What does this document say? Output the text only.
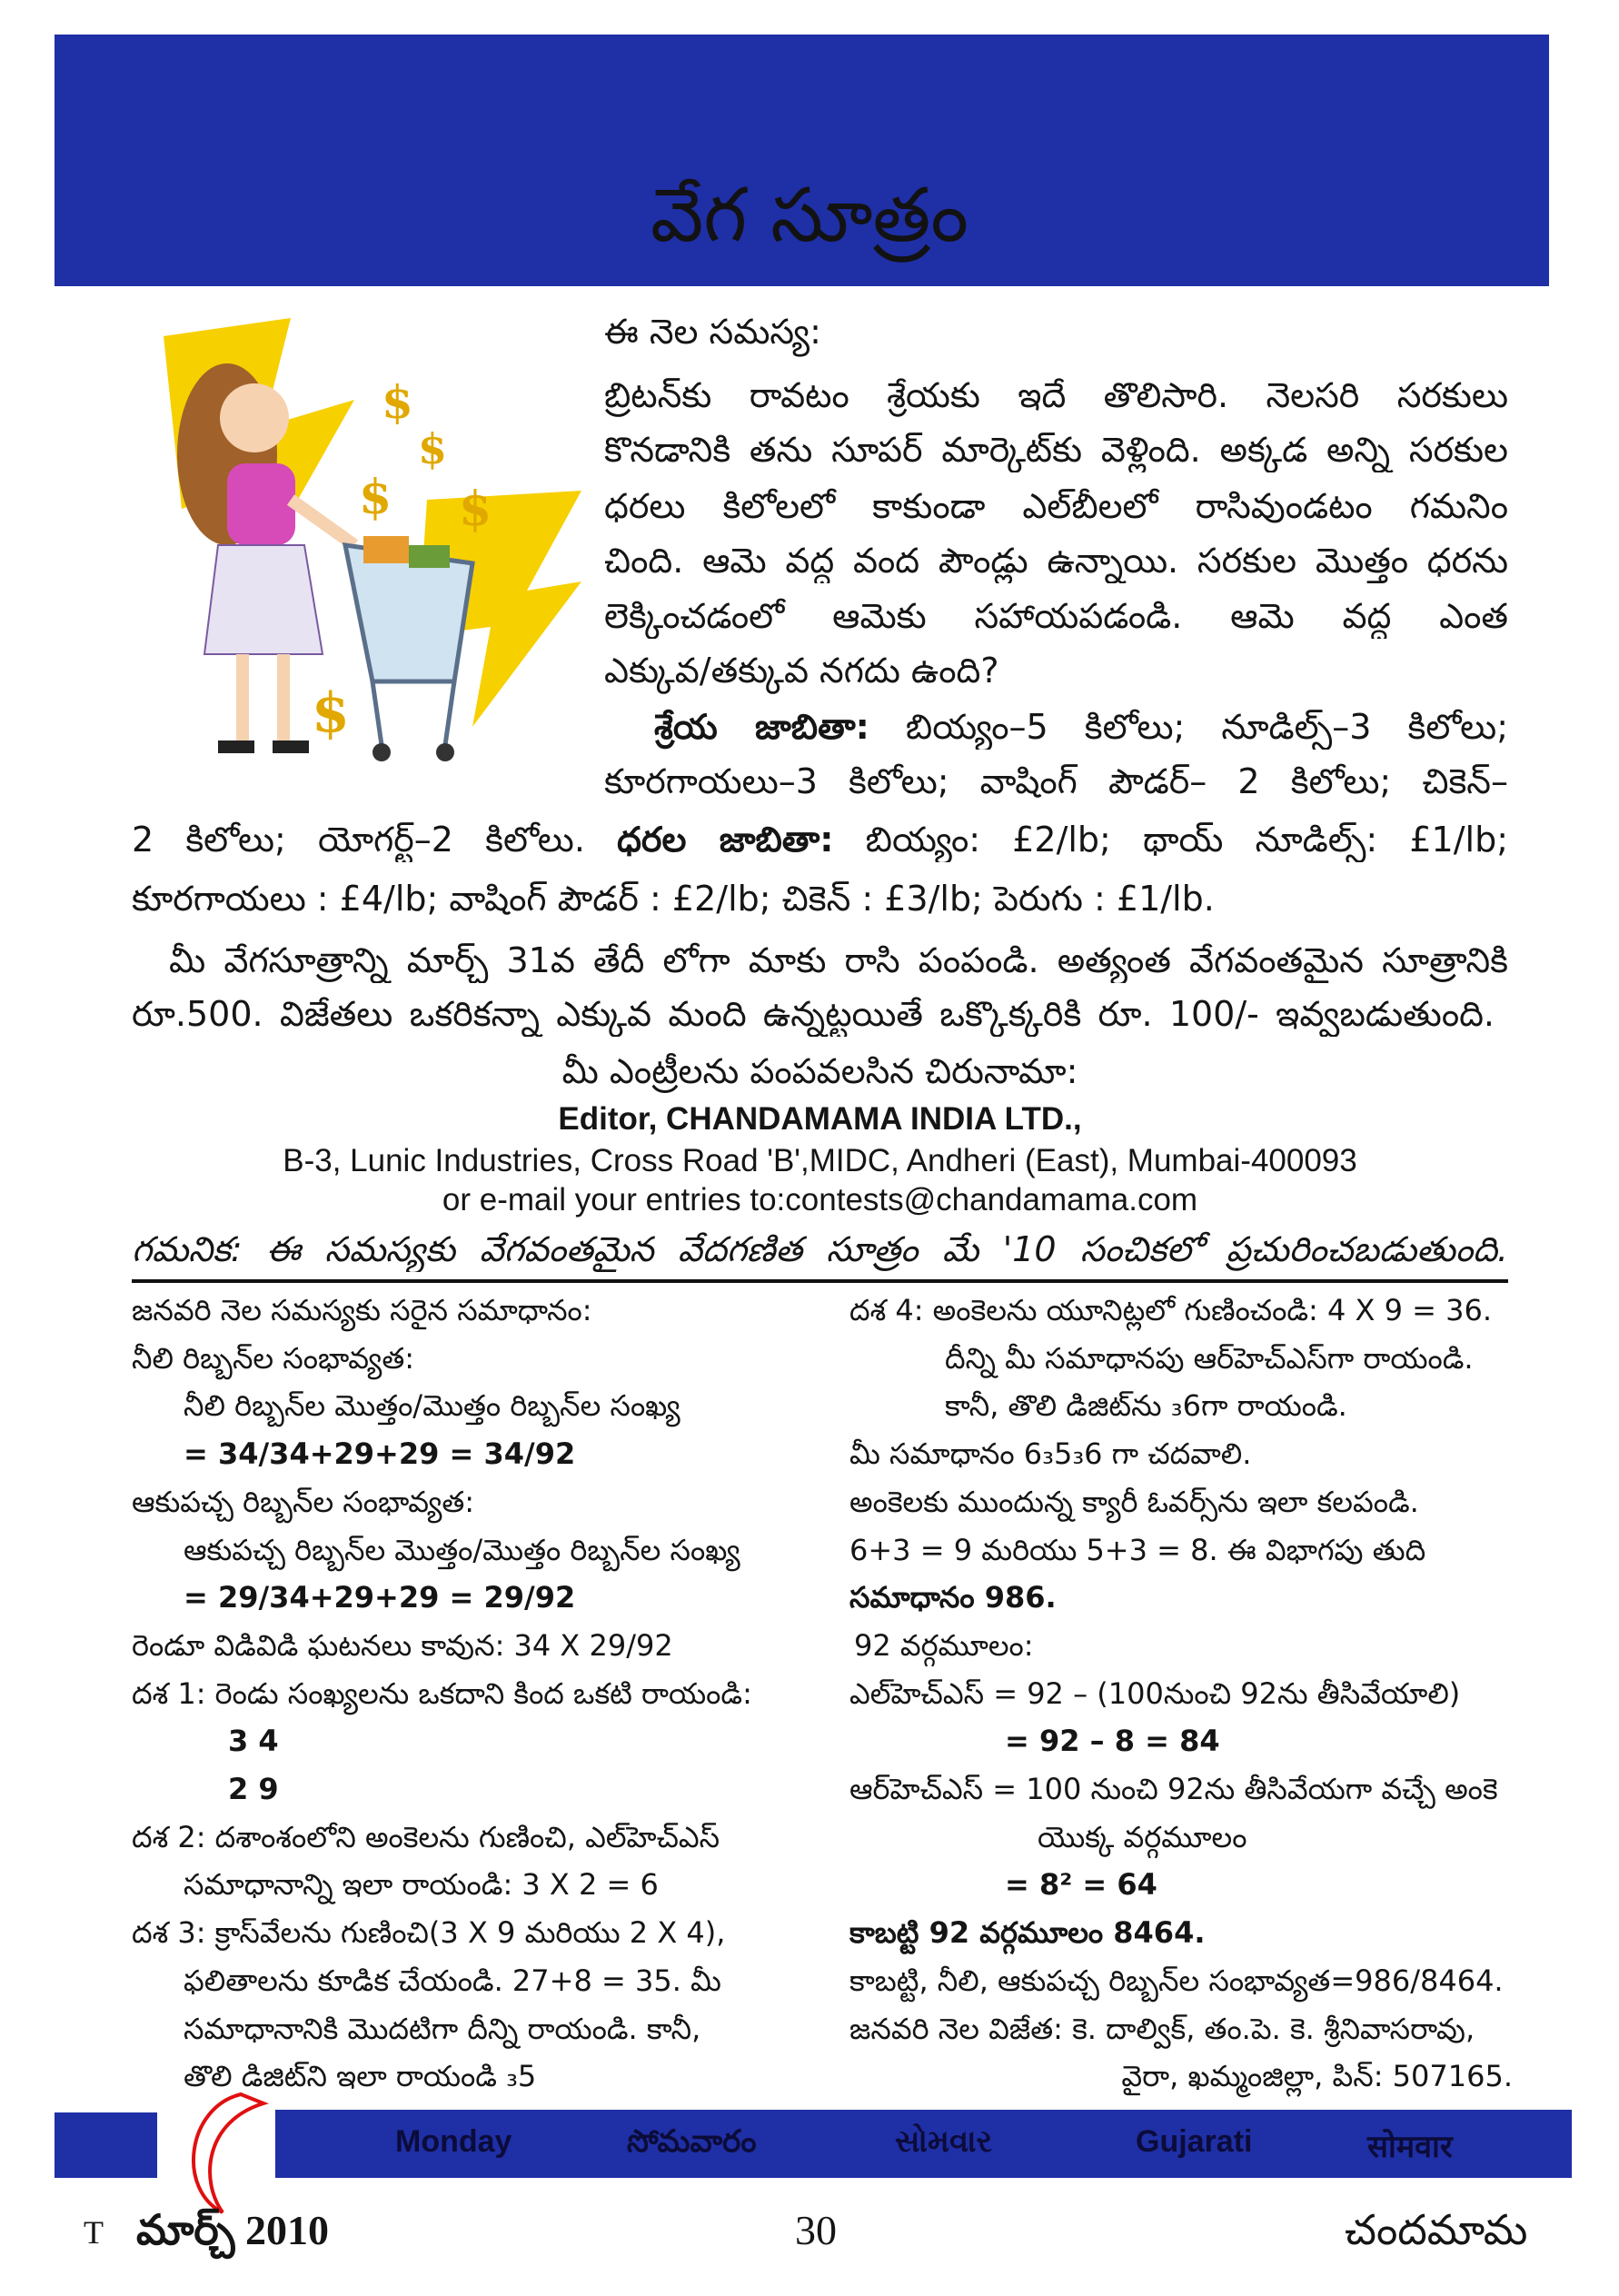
వేగ సూత్రం
$
$
$ $
$
ఈ నెల సమస్య:
బ్రిటన్‌కు రావటం శ్రేయకు ఇదే తొలిసారి. నెలసరి సరకులు
కొనడానికి తను సూపర్ మార్కెట్‌కు వెళ్లింది. అక్కడ అన్ని సరకుల
ధరలు కిలోలలో కాకుండా ఎల్‌బీలలో రాసివుండటం గమనిం
చింది. ఆమె వద్ద వంద పౌండ్లు ఉన్నాయి. సరకుల మొత్తం ధరను
లెక్కించడంలో ఆమెకు సహాయపడండి. ఆమె వద్ద ఎంత
ఎక్కువ/తక్కువ నగదు ఉంది?
శ్రేయ జాబితా: బియ్యం–5 కిలోలు; నూడిల్స్–3 కిలోలు;
కూరగాయలు–3 కిలోలు; వాషింగ్ పౌడర్– 2 కిలోలు; చికెన్–
2 కిలోలు; యోగర్ట్–2 కిలోలు. ధరల జాబితా: బియ్యం: £2/lb; థాయ్ నూడిల్స్: £1/lb;
కూరగాయలు : £4/lb; వాషింగ్ పౌడర్ : £2/lb; చికెన్ : £3/lb; పెరుగు : £1/lb.
మీ వేగసూత్రాన్ని మార్చ్ 31వ తేదీ లోగా మాకు రాసి పంపండి. అత్యంత వేగవంతమైన సూత్రానికి
రూ.500. విజేతలు ఒకరికన్నా ఎక్కువ మంది ఉన్నట్టయితే ఒక్కొక్కరికి రూ. 100/- ఇవ్వబడుతుంది.
మీ ఎంట్రీలను పంపవలసిన చిరునామా:
Editor, CHANDAMAMA INDIA LTD.,
B-3, Lunic Industries, Cross Road 'B',MIDC, Andheri (East), Mumbai-400093
or e-mail your entries to:contests@chandamama.com
గమనిక: ఈ సమస్యకు వేగవంతమైన వేదగణిత సూత్రం మే '10 సంచికలో ప్రచురించబడుతుంది.
జనవరి నెల సమస్యకు సరైన సమాధానం:
నీలి రిబ్బన్‌ల సంభావ్యత:
నీలి రిబ్బన్‌ల మొత్తం/మొత్తం రిబ్బన్‌ల సంఖ్య
= 34/34+29+29 = 34/92
ఆకుపచ్చ రిబ్బన్‌ల సంభావ్యత:
ఆకుపచ్చ రిబ్బన్‌ల మొత్తం/మొత్తం రిబ్బన్‌ల సంఖ్య
= 29/34+29+29 = 29/92
రెండూ విడివిడి ఘటనలు కావున: 34 X 29/92
దశ 1: రెండు సంఖ్యలను ఒకదాని కింద ఒకటి రాయండి:
3 4
2 9
దశ 2: దశాంశంలోని అంకెలను గుణించి, ఎల్‌హెచ్‌ఎస్
సమాధానాన్ని ఇలా రాయండి: 3 X 2 = 6
దశ 3: క్రాస్‌వేలను గుణించి(3 X 9 మరియు 2 X 4),
ఫలితాలను కూడిక చేయండి. 27+8 = 35. మీ
సమాధానానికి మొదటిగా దీన్ని రాయండి. కానీ,
తొలి డిజిట్‌ని ఇలా రాయండి ₃5
దశ 4: అంకెలను యూనిట్లలో గుణించండి: 4 X 9 = 36.
దీన్ని మీ సమాధానపు ఆర్‌హెచ్‌ఎస్‌గా రాయండి.
కానీ, తొలి డిజిట్‌ను ₃6గా రాయండి.
మీ సమాధానం 6₃5₃6 గా చదవాలి.
అంకెలకు ముందున్న క్యారీ ఓవర్స్‌ను ఇలా కలపండి.
6+3 = 9 మరియు 5+3 = 8. ఈ విభాగపు తుది
సమాధానం 986.
92 వర్గమూలం:
ఎల్‌హెచ్‌ఎస్ = 92 – (100నుంచి 92ను తీసివేయాలి)
= 92 – 8 = 84
ఆర్‌హెచ్‌ఎస్ = 100 నుంచి 92ను తీసివేయగా వచ్చే అంకె
యొక్క వర్గమూలం
= 8² = 64
కాబట్టి 92 వర్గమూలం 8464.
కాబట్టి, నీలి, ఆకుపచ్చ రిబ్బన్‌ల సంభావ్యత=986/8464.
జనవరి నెల విజేత: కె. దాల్విక్, తం.పె. కె. శ్రీనివాసరావు,
వైరా, ఖమ్మంజిల్లా, పిన్: 507165.
Monday	సోమవారం	સોમવાર	Gujarati	सोमवार
T మార్చ్ 2010	30	చందమామ
